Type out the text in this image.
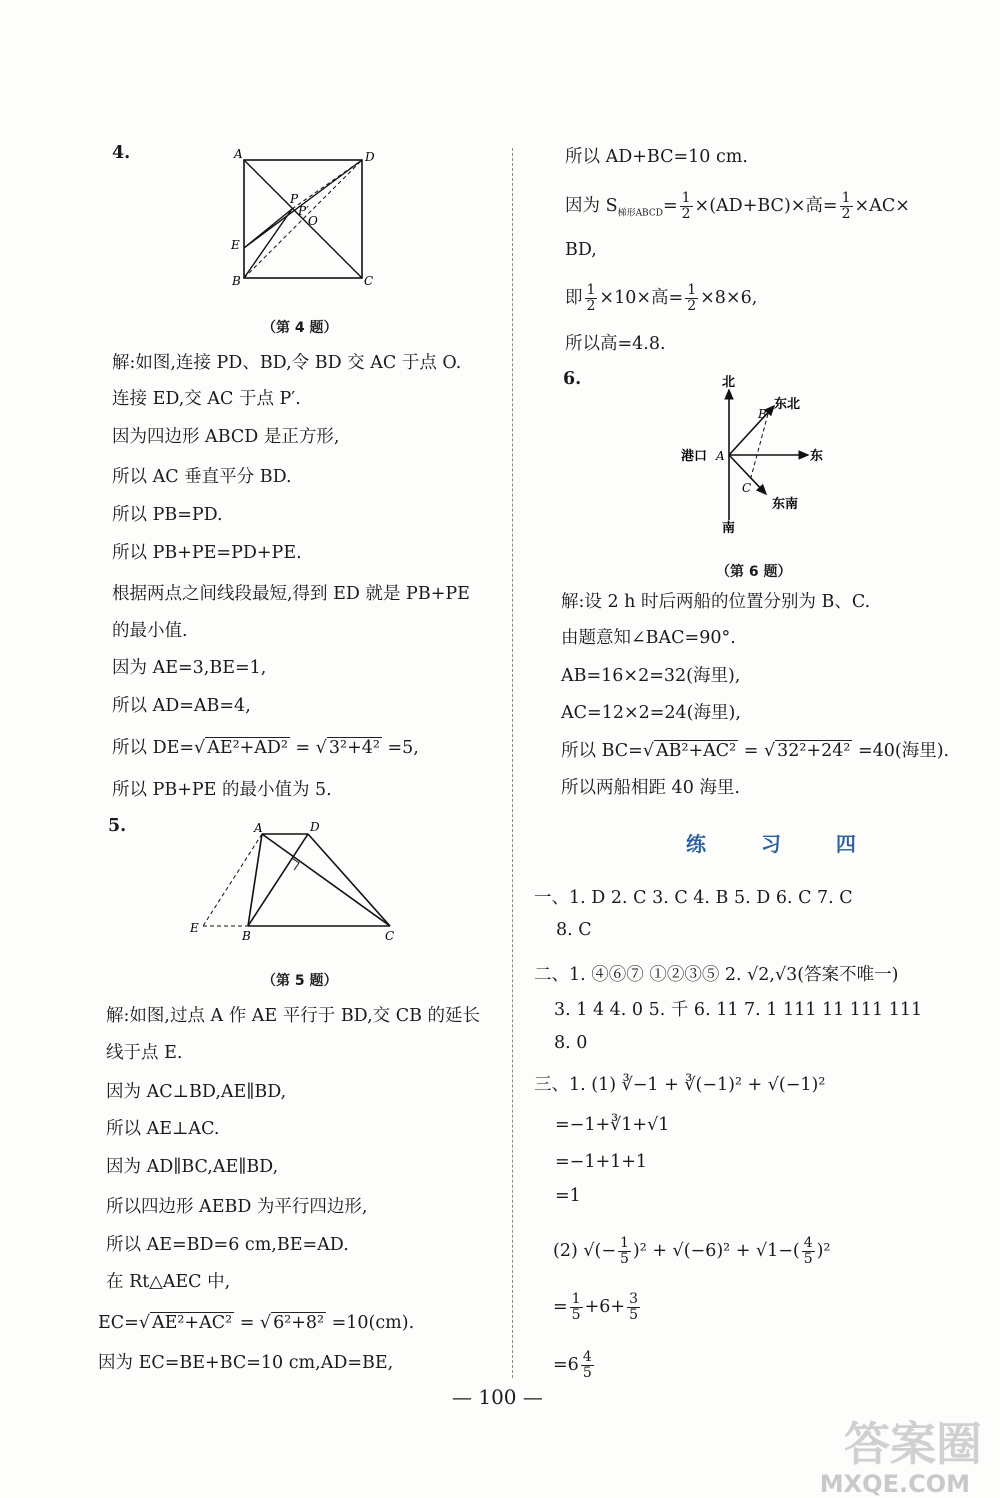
4.	A	D
B	C
E
P
P′
O
（第 4 题）
解:如图,连接 PD、BD,令 BD 交 AC 于点 O.
连接 ED,交 AC 于点 P′.
因为四边形 ABCD 是正方形,
所以 AC 垂直平分 BD.
所以 PB=PD.
所以 PB+PE=PD+PE.
根据两点之间线段最短,得到 ED 就是 PB+PE
的最小值.
因为 AE=3,BE=1,
所以 AD=AB=4,
所以 DE=√ AE²+AD² = √ 3²+4² =5,
所以 PB+PE 的最小值为 5.
5.	A	D
E
B	C
（第 5 题）
解:如图,过点 A 作 AE 平行于 BD,交 CB 的延长
线于点 E.
因为 AC⊥BD,AE∥BD,
所以 AE⊥AC.
因为 AD∥BC,AE∥BD,
所以四边形 AEBD 为平行四边形,
所以 AE=BD=6 cm,BE=AD.
在 Rt△AEC 中,
EC=√ AE²+AC² = √ 6²+8² =10(cm).
因为 EC=BE+BC=10 cm,AD=BE,
所以 AD+BC=10 cm.
因为 $S_{梯形ABCD}= \frac{1}{2} \times(AD+BC)\times$高= $\frac{1}{2} \times AC\times$
BD,
即 $\frac{1}{2} \times 10\times$高= $\frac{1}{2} \times 8\times 6$,
所以高=4.8.
6.	北
南
东
东北
东南
港口 A
B
C
（第 6 题）
解:设 2 h 时后两船的位置分别为 B、C.
由题意知∠BAC=90°.
AB=16×2=32(海里),
AC=12×2=24(海里),
所以 BC=√ AB²+AC² = √ 32²+24² =40(海里).
所以两船相距 40 海里.
练 习 四
一、1. D 2. C 3. C 4. B 5. D 6. C 7. C
8. C
二、1. ④⑥⑦ ①②③⑤ 2. √2,√3(答案不唯一)
3. 1 4 4. 0 5. 千 6. 11 7. 1 111 11 111 111
8. 0
三、1. (1) ∛−1 + ∛(−1)² + √(−1)²
=−1+∛1+√1
=−1+1+1
=1
(2) √(− $\frac{1}{5} )^2 + √(-6)^2 + √1-( \frac{4}{5} )^2$
= $\frac{1}{5} +6+ \frac{3}{5}$
$=6 \frac{4}{5}$
— 100 —
答案圈
MXQE.COM
